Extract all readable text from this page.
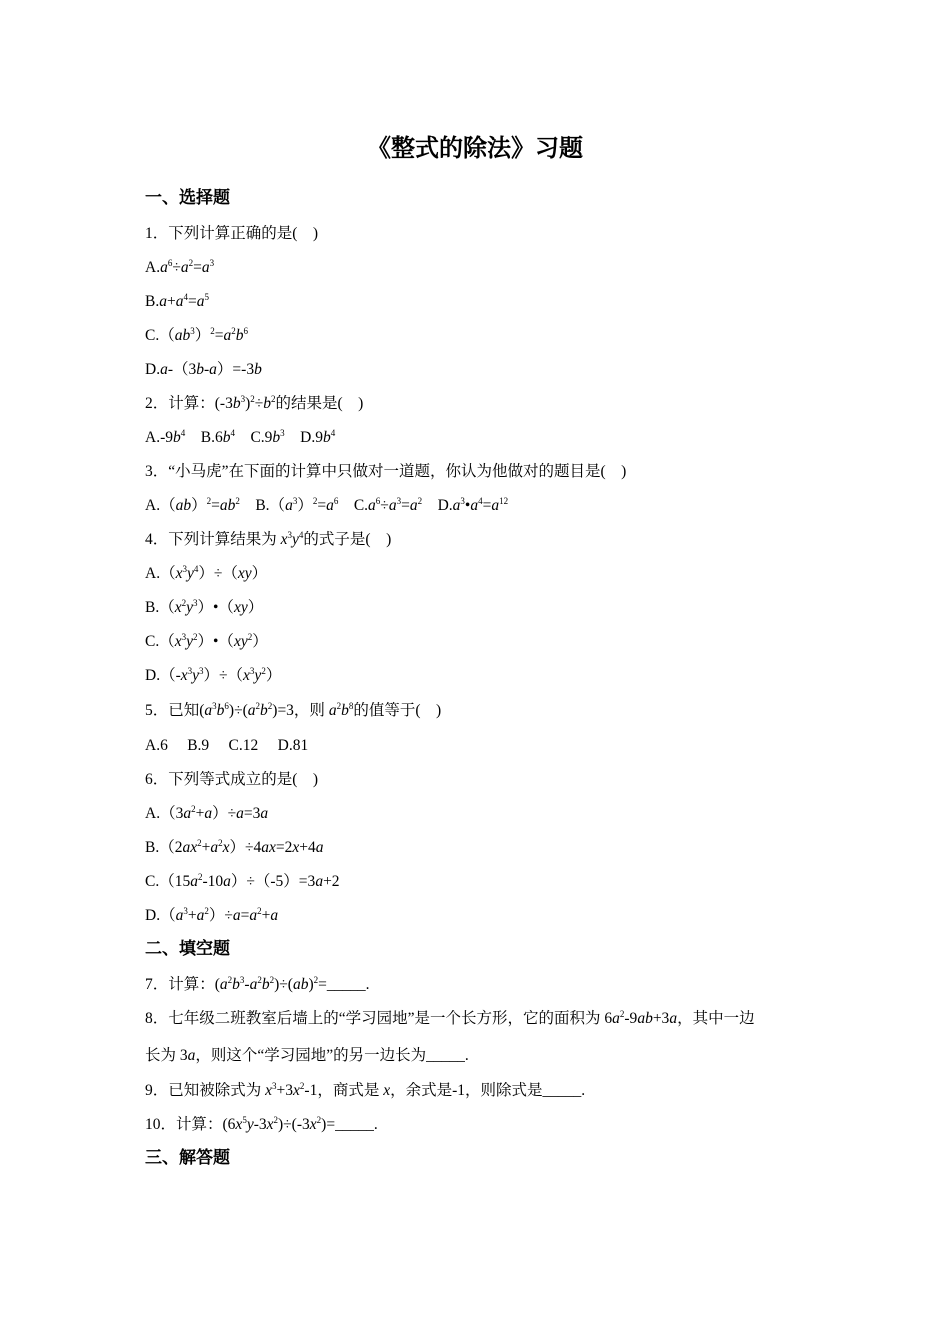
《整式的除法》习题
一、选择题
1．下列计算正确的是(　)
$A.a^6\div a^2=a^3$
$B.a+a^4=a^5$
$C.(ab^3)^2=a^2b^6$
D.a-（3b-a）=-3b
2．计算：$(-3b^3)^2\div b^2$的结果是(　)
$A.-9b^4$　$B.6b^4$　$C.9b^3$　$D.9b^4$
3．“小马虎”在下面的计算中只做对一道题，你认为他做对的题目是(　)
$A.(ab)^2=ab^2$　$B.(a^3)^2=a^6$　$C.a^6\div a^3=a^2$　$D.a^3•a^4=a^{12}$
4．下列计算结果为 $x^3y^4$的式子是(　)
$A.(x^3y^4)\div(xy)$
$B.(x^2y^3)•(xy)$
$C.(x^3y^2)•(xy^2)$
$D.(-x^3y^3)\div(x^3y^2)$
5．已知$(a^3b^6)\div(a^2b^2)=3$，则 $a^2b^8$的值等于(　)
A.6　 B.9　 C.12　 D.81
6．下列等式成立的是(　)
$A.(3a^2+a)\div a=3a$
$B.(2ax^2+a^2x)\div 4ax=2x+4a$
$C.(15a^2-10a)\div(-5)=3a+2$
$D.(a^3+a^2)\div a=a^2+a$
二、填空题
7．计算：$(a^2b^3-a^2b^2)\div(ab)^2=\_\_\_\_\_$.
8．七年级二班教室后墙上的“学习园地”是一个长方形，它的面积为 $6a^2-9ab+3a$，其中一边
长为 3a，则这个“学习园地”的另一边长为_____.
9．已知被除式为 $x^3+3x^2-1$，商式是 x，余式是-1，则除式是_____.
10．计算：$(6x^5y-3x^2)\div(-3x^2)=\_\_\_\_\_$.
三、解答题
